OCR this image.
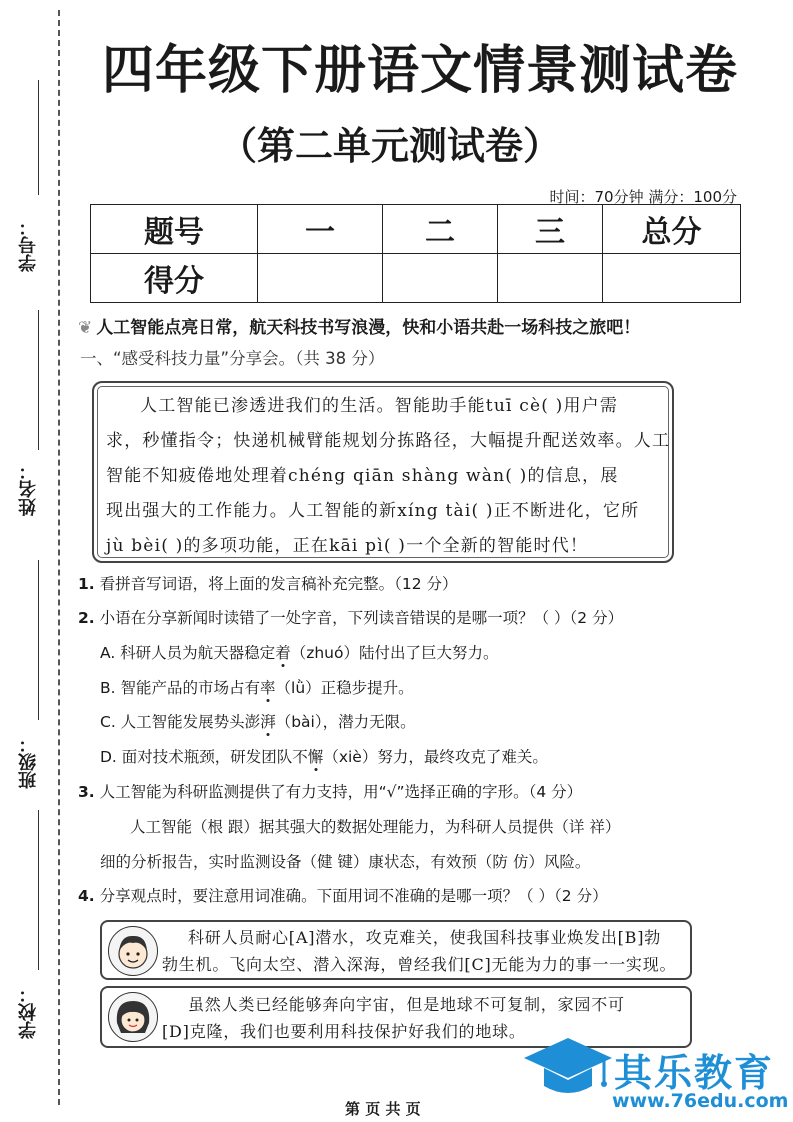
学号：
姓名：
班级：
学校：
四年级下册语文情景测试卷
（第二单元测试卷）
时间：70分钟 满分：100分
题号	一	二	三	总分
得分				
❦ 人工智能点亮日常，航天科技书写浪漫，快和小语共赴一场科技之旅吧！
一、“感受科技力量”分享会。（共 38 分）
人工智能已渗透进我们的生活。智能助手能tuī cè( )用户需
求，秒懂指令；快递机械臂能规划分拣路径，大幅提升配送效率。人工
智能不知疲倦地处理着chéng qiān shàng wàn( )的信息，展
现出强大的工作能力。人工智能的新xíng tài( )正不断进化，它所
jù bèi( )的多项功能，正在kāi pì( )一个全新的智能时代！
1. 看拼音写词语，将上面的发言稿补充完整。（12 分）
2. 小语在分享新闻时读错了一处字音，下列读音错误的是哪一项？（ ）（2 分）
A. 科研人员为航天器稳定着（zhuó）陆付出了巨大努力。
B. 智能产品的市场占有率（lǜ）正稳步提升。
C. 人工智能发展势头澎湃（bài），潜力无限。
D. 面对技术瓶颈，研发团队不懈（xiè）努力，最终攻克了难关。
3. 人工智能为科研监测提供了有力支持，用“√”选择正确的字形。（4 分）
人工智能（根 跟）据其强大的数据处理能力，为科研人员提供（详 祥）
细的分析报告，实时监测设备（健 键）康状态，有效预（防 仿）风险。
4. 分享观点时，要注意用词准确。下面用词不准确的是哪一项？（ ）（2 分）
科研人员耐心[A]潜水，攻克难关，使我国科技事业焕发出[B]勃
勃生机。飞向太空、潜入深海，曾经我们[C]无能为力的事一一实现。
虽然人类已经能够奔向宇宙，但是地球不可复制，家园不可
[D]克隆，我们也要利用科技保护好我们的地球。
其乐教育
www.76edu.com
第 页 共 页
